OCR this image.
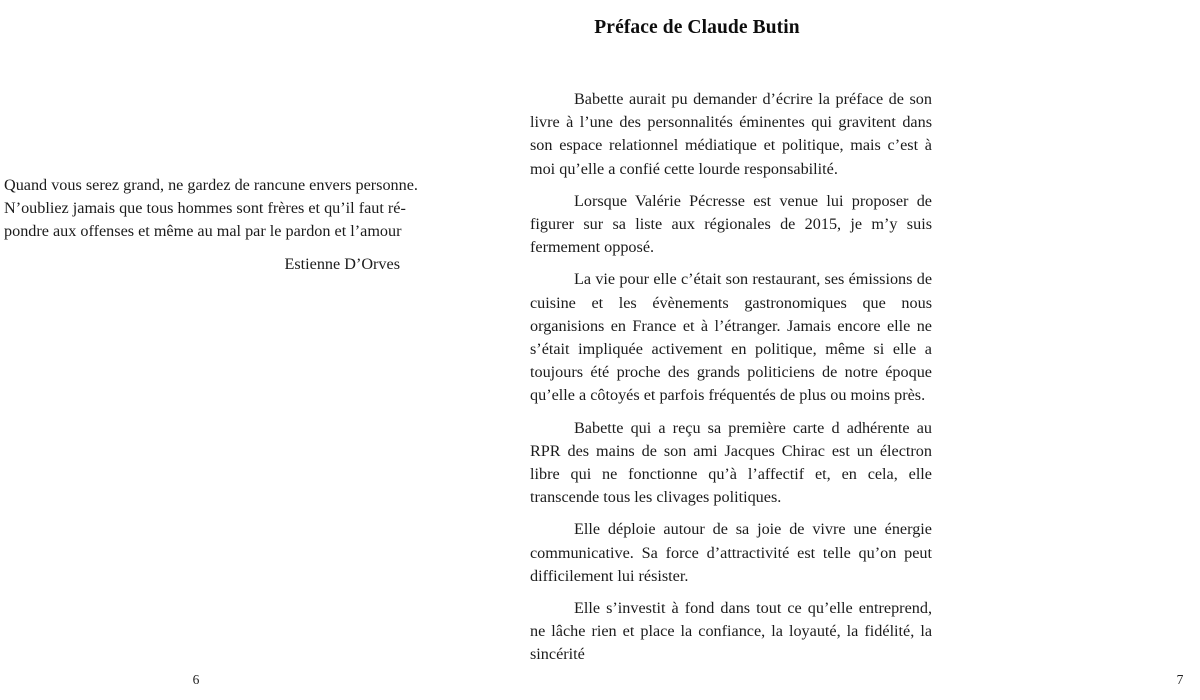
Quand vous serez grand, ne gardez de rancune envers personne.
N’oubliez jamais que tous hommes sont frères et qu’il faut ré-
pondre aux offenses et même au mal par le pardon et l’amour
Estienne D’Orves
6
Préface de Claude Butin

Babette aurait pu demander d’écrire la préface de son livre à l’une des personnalités éminentes qui gravitent dans son espace relationnel médiatique et politique, mais c’est à moi qu’elle a confié cette lourde responsabilité.

Lorsque Valérie Pécresse est venue lui proposer de figurer sur sa liste aux régionales de 2015, je m’y suis fermement opposé.

La vie pour elle c’était son restaurant, ses émissions de cuisine et les évènements gastronomiques que nous organisions en France et à l’étranger. Jamais encore elle ne s’était impliquée activement en politique, même si elle a toujours été proche des grands politiciens de notre époque qu’elle a côtoyés et parfois fréquentés de plus ou moins près.

Babette qui a reçu sa première carte d adhérente au RPR des mains de son ami Jacques Chirac est un électron libre qui ne fonctionne qu’à l’affectif et, en cela, elle transcende tous les clivages politiques.

Elle déploie autour de sa joie de vivre une énergie communicative. Sa force d’attractivité est telle qu’on peut difficilement lui résister.

Elle s’investit à fond dans tout ce qu’elle entreprend, ne lâche rien et place la confiance, la loyauté, la fidélité, la sincérité

7
